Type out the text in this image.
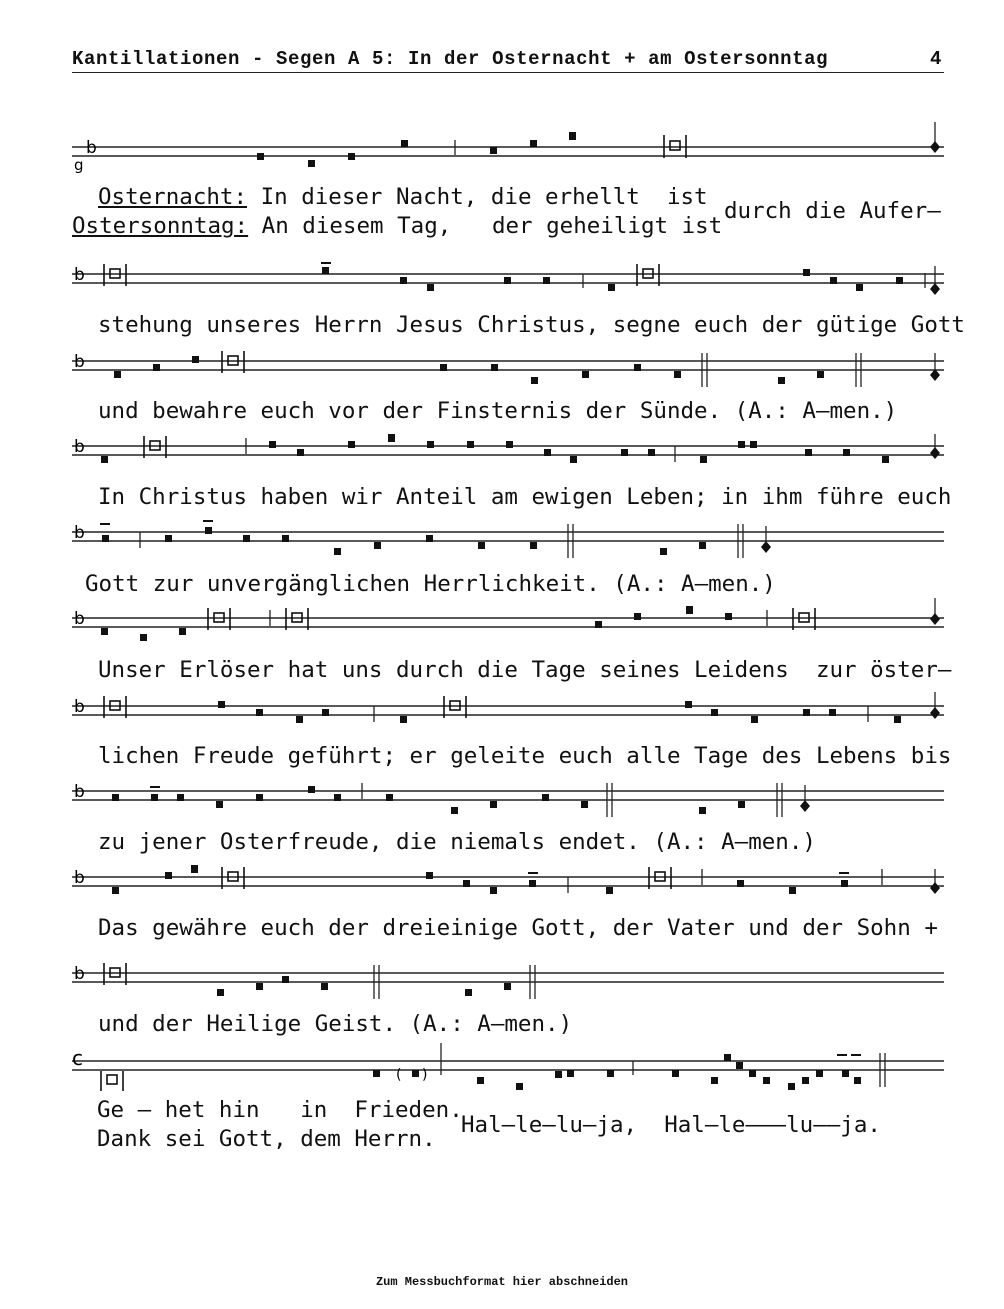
Kantillationen - Segen A 5: In der Osternacht + am Ostersonntag	4
b
g
Osternacht: In dieser Nacht, die erhellt  ist
Ostersonntag: An diesem Tag,   der geheiligt ist
durch die Aufer–
b
stehung unseres Herrn Jesus Christus, segne euch der gütige Gott
b
und bewahre euch vor der Finsternis der Sünde. (A.: A–men.)
b
In Christus haben wir Anteil am ewigen Leben; in ihm führe euch
b
Gott zur unvergänglichen Herrlichkeit. (A.: A–men.)
b
Unser Erlöser hat uns durch die Tage seines Leidens  zur öster–
b
lichen Freude geführt; er geleite euch alle Tage des Lebens bis
b
zu jener Osterfreude, die niemals endet. (A.: A–men.)
b
Das gewähre euch der dreieinige Gott, der Vater und der Sohn +
b
und der Heilige Geist. (A.: A–men.)
c
( )
Ge – het hin   in  Frieden.
Dank sei Gott, dem Herrn.
Hal–le–lu–ja,  Hal–le–––lu––ja.
Zum Messbuchformat hier abschneiden
